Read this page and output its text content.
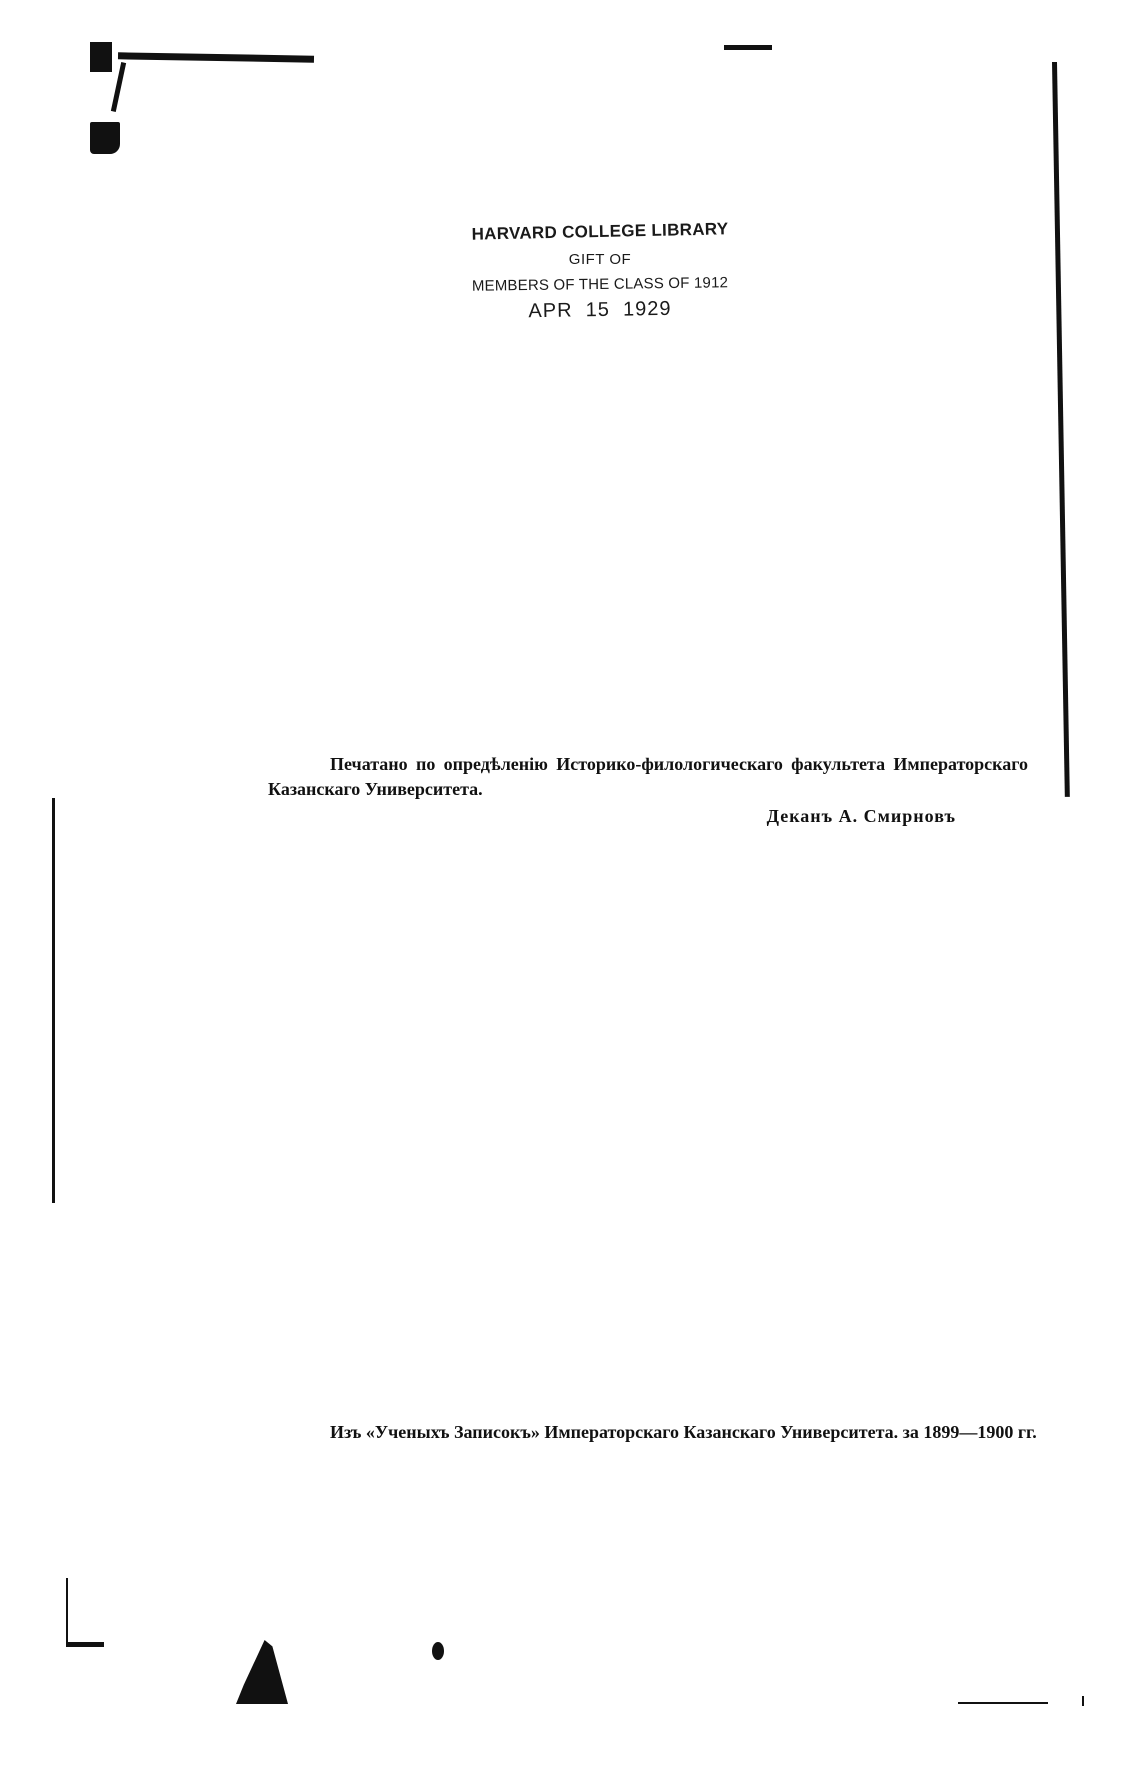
HARVARD COLLEGE LIBRARY
GIFT OF
MEMBERS OF THE CLASS OF 1912
APR  15  1929

Печатано по опредѣленію Историко-филологическаго факультета Императорскаго Казанскаго Университета.

Деканъ А. Смирновъ

Изъ «Ученыхъ Записокъ» Императорскаго Казанскаго Университета. за 1899—1900 гг.
